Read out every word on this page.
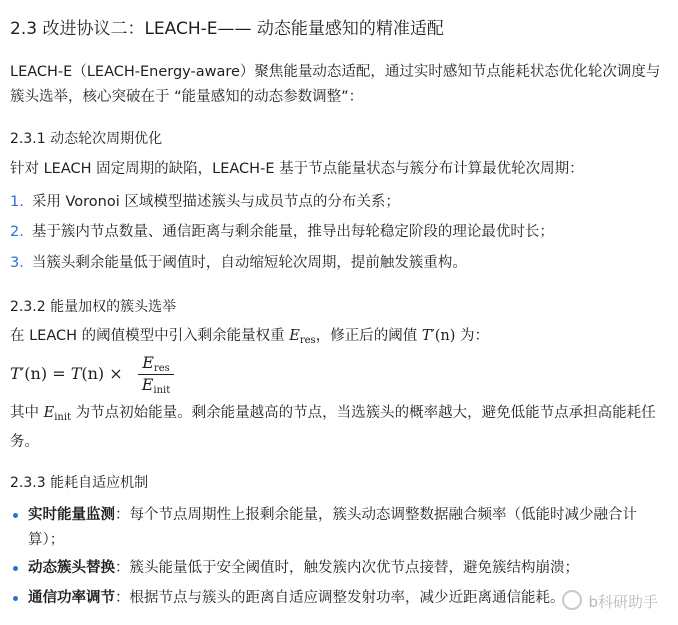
2.3 改进协议二：LEACH-E—— 动态能量感知的精准适配
LEACH-E（LEACH-Energy-aware）聚焦能量动态适配，通过实时感知节点能耗状态优化轮次调度与簇头选举，核心突破在于 “能量感知的动态参数调整”：
2.3.1 动态轮次周期优化
针对 LEACH 固定周期的缺陷，LEACH-E 基于节点能量状态与簇分布计算最优轮次周期：
1. 采用 Voronoi 区域模型描述簇头与成员节点的分布关系；
2. 基于簇内节点数量、通信距离与剩余能量，推导出每轮稳定阶段的理论最优时长；
3. 当簇头剩余能量低于阈值时，自动缩短轮次周期，提前触发簇重构。
2.3.2 能量加权的簇头选举
在 LEACH 的阈值模型中引入剩余能量权重 $E_{res}$，修正后的阈值 T′(n) 为：
T′(n) = T(n) ×
$E_{res}$
$E_{init}$
其中 $E_{init}$ 为节点初始能量。剩余能量越高的节点，当选簇头的概率越大，避免低能节点承担高能耗任务。
2.3.3 能耗自适应机制
实时能量监测：每个节点周期性上报剩余能量，簇头动态调整数据融合频率（低能时减少融合计算）；
动态簇头替换：簇头能量低于安全阈值时，触发簇内次优节点接替，避免簇结构崩溃；
通信功率调节：根据节点与簇头的距离自适应调整发射功率，减少近距离通信能耗。	b科研助手
